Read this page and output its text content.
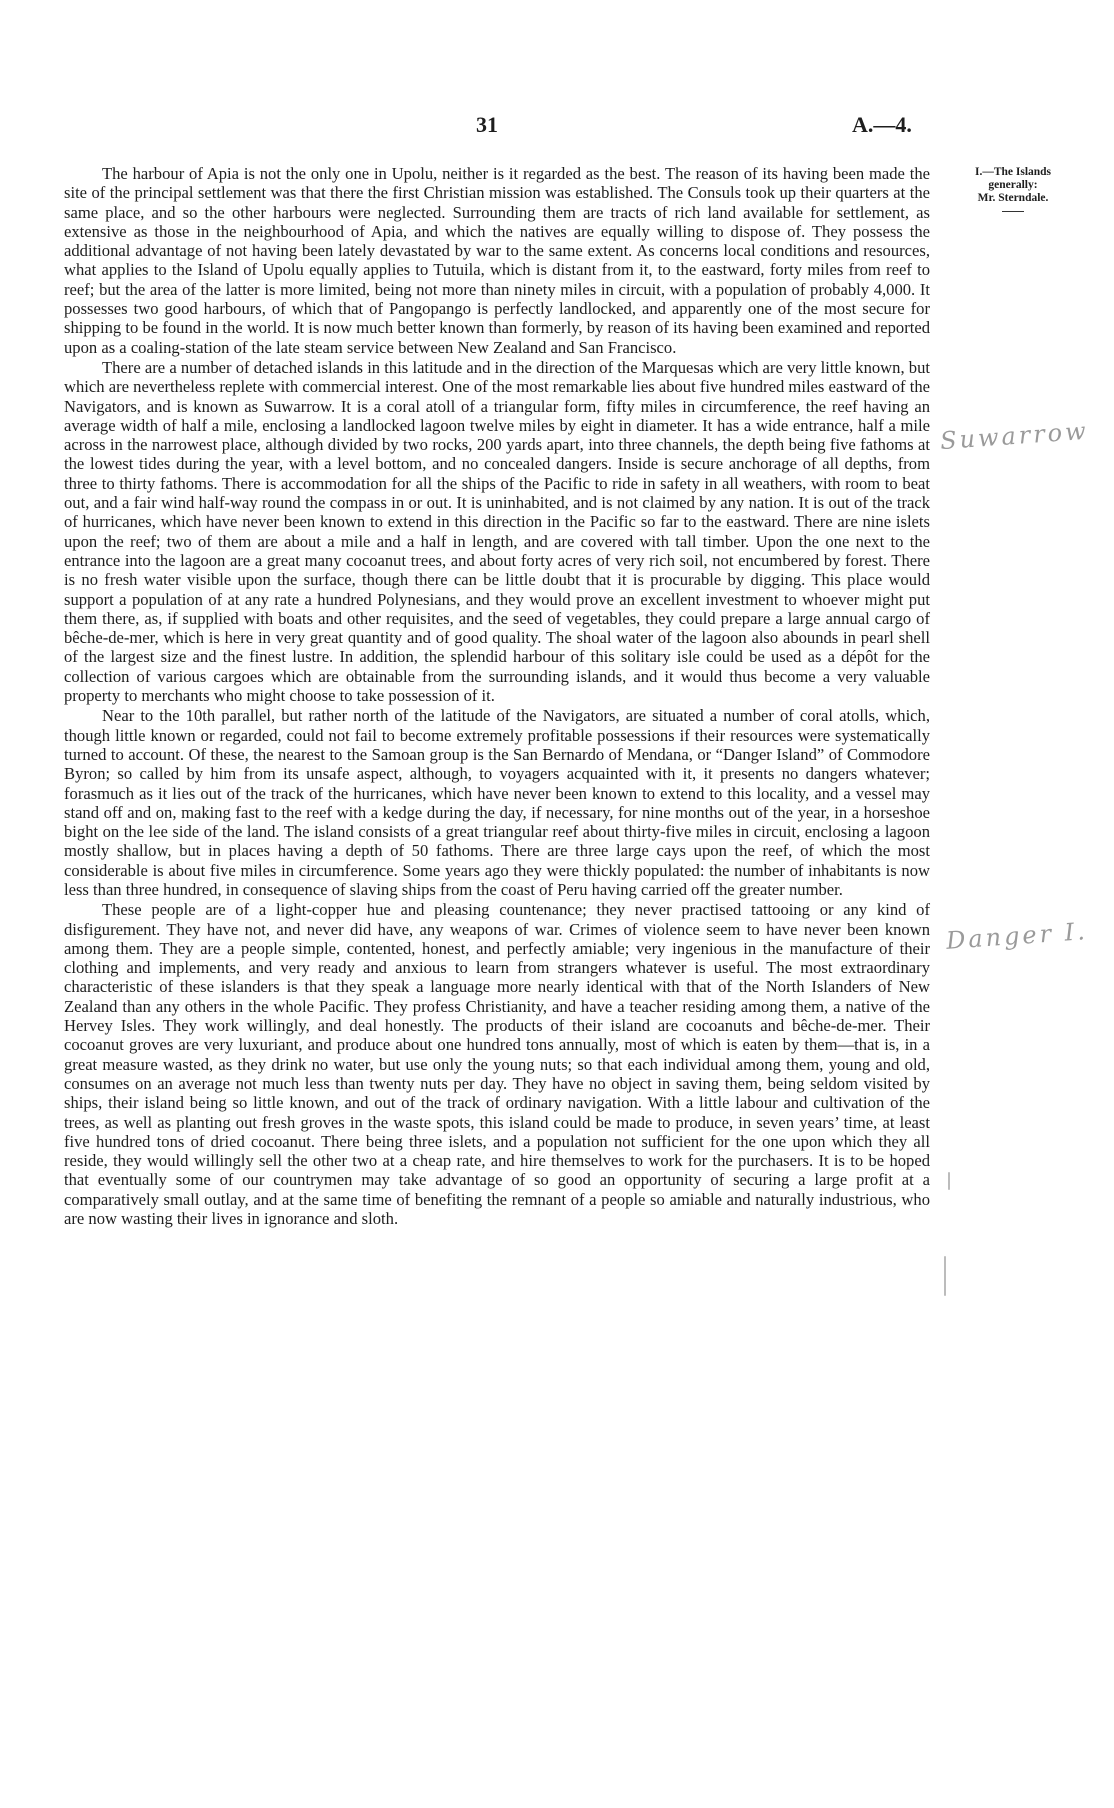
31	A.—4.

The harbour of Apia is not the only one in Upolu, neither is it regarded as the best. The reason of its having been made the site of the principal settlement was that there the first Christian mission was established. The Consuls took up their quarters at the same place, and so the other harbours were neglected. Surrounding them are tracts of rich land available for settlement, as extensive as those in the neighbourhood of Apia, and which the natives are equally willing to dispose of. They possess the additional advantage of not having been lately devastated by war to the same extent. As concerns local conditions and resources, what applies to the Island of Upolu equally applies to Tutuila, which is distant from it, to the eastward, forty miles from reef to reef; but the area of the latter is more limited, being not more than ninety miles in circuit, with a population of probably 4,000. It possesses two good harbours, of which that of Pangopango is perfectly landlocked, and apparently one of the most secure for shipping to be found in the world. It is now much better known than formerly, by reason of its having been examined and reported upon as a coaling-station of the late steam service between New Zealand and San Francisco.

There are a number of detached islands in this latitude and in the direction of the Marquesas which are very little known, but which are nevertheless replete with commercial interest. One of the most remarkable lies about five hundred miles eastward of the Navigators, and is known as Suwarrow. It is a coral atoll of a triangular form, fifty miles in circumference, the reef having an average width of half a mile, enclosing a landlocked lagoon twelve miles by eight in diameter. It has a wide entrance, half a mile across in the narrowest place, although divided by two rocks, 200 yards apart, into three channels, the depth being five fathoms at the lowest tides during the year, with a level bottom, and no concealed dangers. Inside is secure anchorage of all depths, from three to thirty fathoms. There is accommodation for all the ships of the Pacific to ride in safety in all weathers, with room to beat out, and a fair wind half-way round the compass in or out. It is uninhabited, and is not claimed by any nation. It is out of the track of hurricanes, which have never been known to extend in this direction in the Pacific so far to the eastward. There are nine islets upon the reef; two of them are about a mile and a half in length, and are covered with tall timber. Upon the one next to the entrance into the lagoon are a great many cocoanut trees, and about forty acres of very rich soil, not encumbered by forest. There is no fresh water visible upon the surface, though there can be little doubt that it is procurable by digging. This place would support a population of at any rate a hundred Polynesians, and they would prove an excellent investment to whoever might put them there, as, if supplied with boats and other requisites, and the seed of vegetables, they could prepare a large annual cargo of bêche-de-mer, which is here in very great quantity and of good quality. The shoal water of the lagoon also abounds in pearl shell of the largest size and the finest lustre. In addition, the splendid harbour of this solitary isle could be used as a dépôt for the collection of various cargoes which are obtainable from the surrounding islands, and it would thus become a very valuable property to merchants who might choose to take possession of it.

Near to the 10th parallel, but rather north of the latitude of the Navigators, are situated a number of coral atolls, which, though little known or regarded, could not fail to become extremely profitable possessions if their resources were systematically turned to account. Of these, the nearest to the Samoan group is the San Bernardo of Mendana, or “Danger Island” of Commodore Byron; so called by him from its unsafe aspect, although, to voyagers acquainted with it, it presents no dangers whatever; forasmuch as it lies out of the track of the hurricanes, which have never been known to extend to this locality, and a vessel may stand off and on, making fast to the reef with a kedge during the day, if necessary, for nine months out of the year, in a horseshoe bight on the lee side of the land. The island consists of a great triangular reef about thirty-five miles in circuit, enclosing a lagoon mostly shallow, but in places having a depth of 50 fathoms. There are three large cays upon the reef, of which the most considerable is about five miles in circumference. Some years ago they were thickly populated: the number of inhabitants is now less than three hundred, in consequence of slaving ships from the coast of Peru having carried off the greater number.

These people are of a light-copper hue and pleasing countenance; they never practised tattooing or any kind of disfigurement. They have not, and never did have, any weapons of war. Crimes of violence seem to have never been known among them. They are a people simple, contented, honest, and perfectly amiable; very ingenious in the manufacture of their clothing and implements, and very ready and anxious to learn from strangers whatever is useful. The most extraordinary characteristic of these islanders is that they speak a language more nearly identical with that of the North Islanders of New Zealand than any others in the whole Pacific. They profess Christianity, and have a teacher residing among them, a native of the Hervey Isles. They work willingly, and deal honestly. The products of their island are cocoanuts and bêche-de-mer. Their cocoanut groves are very luxuriant, and produce about one hundred tons annually, most of which is eaten by them—that is, in a great measure wasted, as they drink no water, but use only the young nuts; so that each individual among them, young and old, consumes on an average not much less than twenty nuts per day. They have no object in saving them, being seldom visited by ships, their island being so little known, and out of the track of ordinary navigation. With a little labour and cultivation of the trees, as well as planting out fresh groves in the waste spots, this island could be made to produce, in seven years’ time, at least five hundred tons of dried cocoanut. There being three islets, and a population not sufficient for the one upon which they all reside, they would willingly sell the other two at a cheap rate, and hire themselves to work for the purchasers. It is to be hoped that eventually some of our countrymen may take advantage of so good an opportunity of securing a large profit at a comparatively small outlay, and at the same time of benefiting the remnant of a people so amiable and naturally industrious, who are now wasting their lives in ignorance and sloth.

I.—The Islands
generally:
Mr. Sterndale.
Suwarrow
Danger I.
